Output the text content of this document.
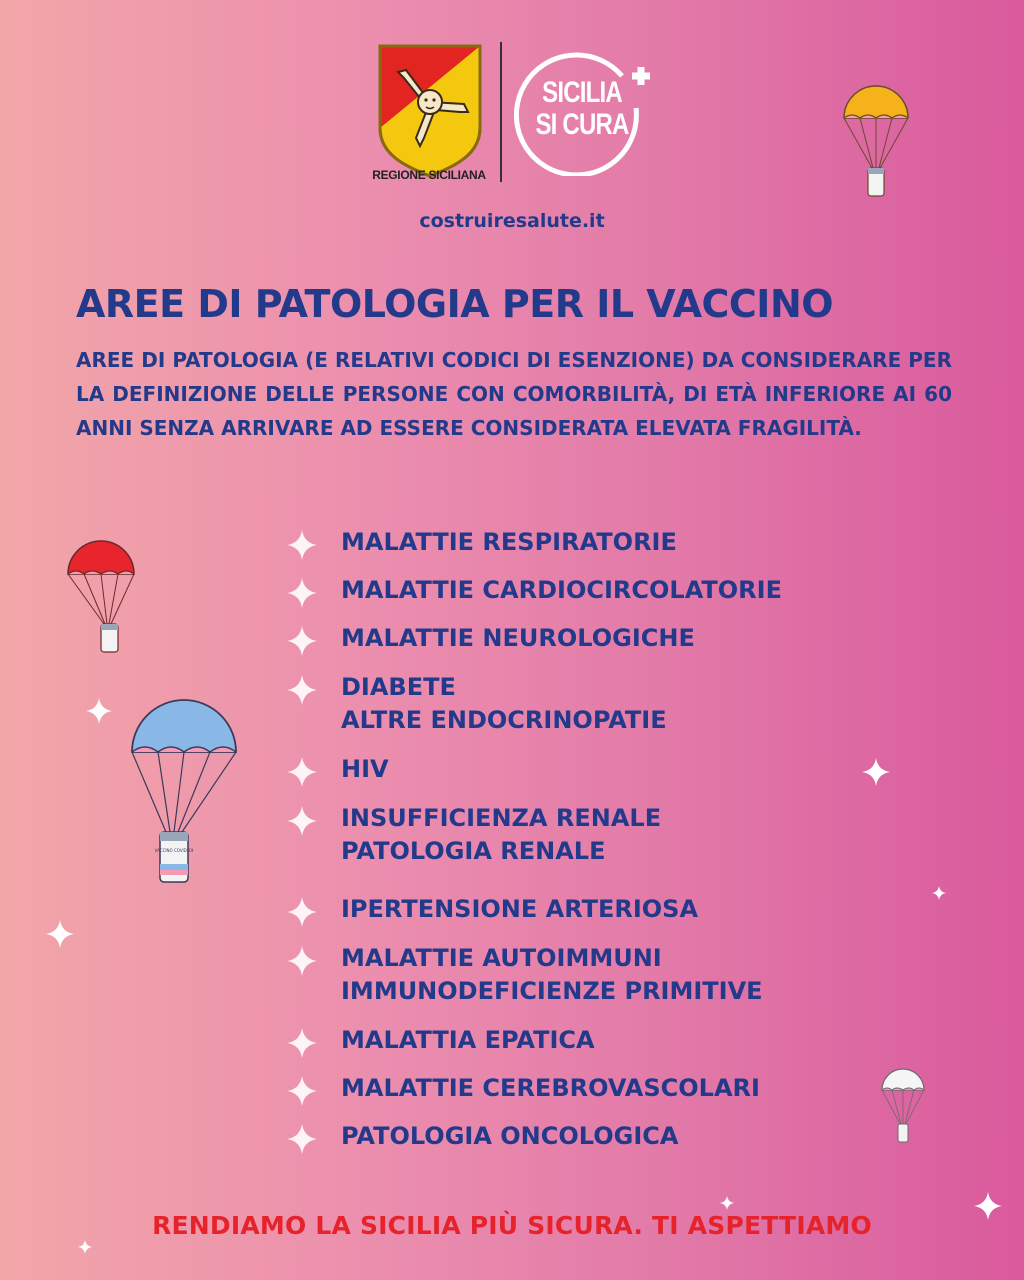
REGIONE SICILIANA
SICILIA
SI CURA
costruiresalute.it
AREE DI PATOLOGIA PER IL VACCINO
AREE DI PATOLOGIA (E RELATIVI CODICI DI ESENZIONE) DA CONSIDERARE PER LA DEFINIZIONE DELLE PERSONE CON COMORBILITÀ, DI ETÀ INFERIORE AI 60 ANNI SENZA ARRIVARE AD ESSERE CONSIDERATA ELEVATA FRAGILITÀ.
MALATTIE RESPIRATORIE
MALATTIE CARDIOCIRCOLATORIE
MALATTIE NEUROLOGICHE
DIABETE
ALTRE ENDOCRINOPATIE
HIV
INSUFFICIENZA RENALE
PATOLOGIA RENALE
IPERTENSIONE ARTERIOSA
MALATTIE AUTOIMMUNI
IMMUNODEFICIENZE PRIMITIVE
MALATTIA EPATICA
MALATTIE CEREBROVASCOLARI
PATOLOGIA ONCOLOGICA
RENDIAMO LA SICILIA PIÙ SICURA. TI ASPETTIAMO
VACCINO COVID-19
